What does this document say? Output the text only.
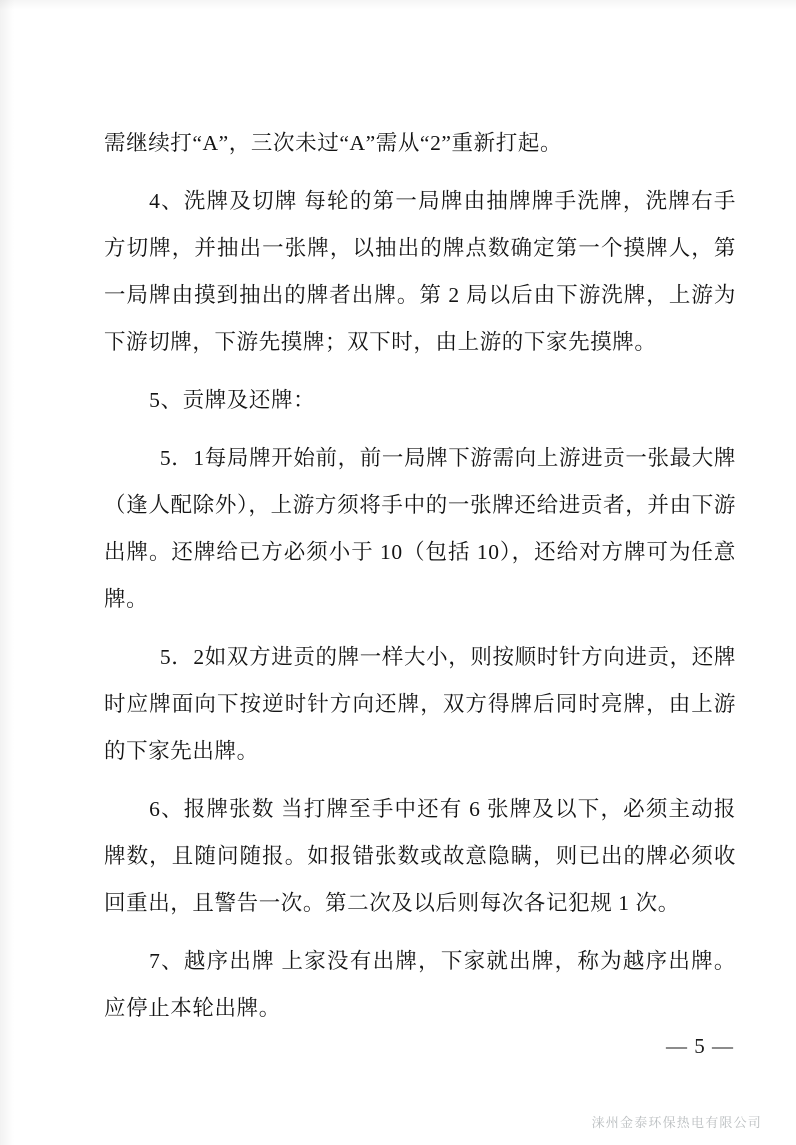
需继续打“A”，三次未过“A”需从“2”重新打起。

4、洗牌及切牌 每轮的第一局牌由抽牌牌手洗牌，洗牌右手方切牌，并抽出一张牌，以抽出的牌点数确定第一个摸牌人，第一局牌由摸到抽出的牌者出牌。第 2 局以后由下游洗牌，上游为下游切牌，下游先摸牌；双下时，由上游的下家先摸牌。

5、贡牌及还牌：

5．1每局牌开始前，前一局牌下游需向上游进贡一张最大牌（逢人配除外），上游方须将手中的一张牌还给进贡者，并由下游出牌。还牌给已方必须小于 10（包括 10），还给对方牌可为任意牌。

5．2如双方进贡的牌一样大小，则按顺时针方向进贡，还牌时应牌面向下按逆时针方向还牌，双方得牌后同时亮牌，由上游的下家先出牌。

6、报牌张数 当打牌至手中还有 6 张牌及以下，必须主动报牌数，且随问随报。如报错张数或故意隐瞒，则已出的牌必须收回重出，且警告一次。第二次及以后则每次各记犯规 1 次。

7、越序出牌 上家没有出牌，下家就出牌，称为越序出牌。应停止本轮出牌。

— 5 —
涞州金泰环保热电有限公司
